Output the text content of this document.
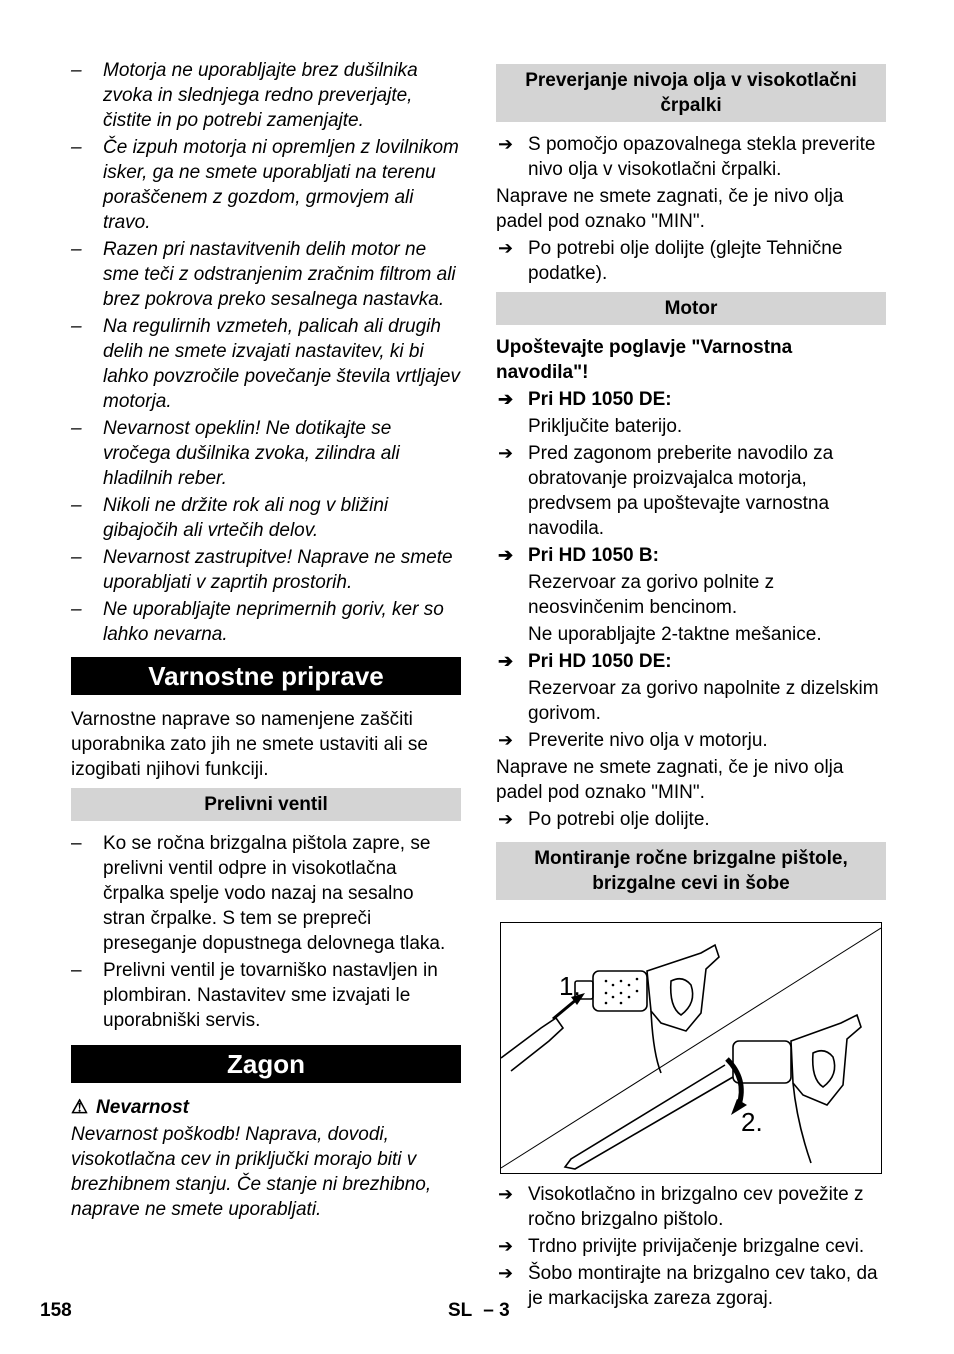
– Motorja ne uporabljajte brez dušilnika zvoka in slednjega redno preverjajte, čistite in po potrebi zamenjajte.

– Če izpuh motorja ni opremljen z lovilnikom isker, ga ne smete uporabljati na terenu poraščenem z gozdom, grmovjem ali travo.

– Razen pri nastavitvenih delih motor ne sme teči z odstranjenim zračnim filtrom ali brez pokrova preko sesalnega nastavka.

– Na regulirnih vzmeteh, palicah ali drugih delih ne smete izvajati nastavitev, ki bi lahko povzročile povečanje števila vrtljajev motorja.

– Nevarnost opeklin! Ne dotikajte se vročega dušilnika zvoka, zilindra ali hladilnih reber.

– Nikoli ne držite rok ali nog v bližini gibajočih ali vrtečih delov.

– Nevarnost zastrupitve! Naprave ne smete uporabljati v zaprtih prostorih.

– Ne uporabljajte neprimernih goriv, ker so lahko nevarna.

Varnostne priprave

Varnostne naprave so namenjene zaščiti uporabnika zato jih ne smete ustaviti ali se izogibati njihovi funkciji.

Prelivni ventil

– Ko se ročna brizgalna pištola zapre, se prelivni ventil odpre in visokotlačna črpalka spelje vodo nazaj na sesalno stran črpalke. S tem se prepreči preseganje dopustnega delovnega tlaka.

– Prelivni ventil je tovarniško nastavljen in plombiran. Nastavitev sme izvajati le uporabniški servis.

Zagon

⚠ Nevarnost

Nevarnost poškodb! Naprava, dovodi, visokotlačna cev in priključki morajo biti v brezhibnem stanju. Če stanje ni brezhibno, naprave ne smete uporabljati.

Preverjanje nivoja olja v visokotlačni črpalki

➔ S pomočjo opazovalnega stekla preverite nivo olja v visokotlačni črpalki.

Naprave ne smete zagnati, če je nivo olja padel pod oznako "MIN".

➔ Po potrebi olje dolijte (glejte Tehnične podatke).

Motor

Upoštevajte poglavje "Varnostna navodila"!

➔ Pri HD 1050 DE:

Priključite baterijo.

➔ Pred zagonom preberite navodilo za obratovanje proizvajalca motorja, predvsem pa upoštevajte varnostna navodila.

➔ Pri HD 1050 B:

Rezervoar za gorivo polnite z neosvinčenim bencinom.

Ne uporabljajte 2-taktne mešanice.

➔ Pri HD 1050 DE:

Rezervoar za gorivo napolnite z dizelskim gorivom.

➔ Preverite nivo olja v motorju.

Naprave ne smete zagnati, če je nivo olja padel pod oznako "MIN".

➔ Po potrebi olje dolijte.

Montiranje ročne brizgalne pištole, brizgalne cevi in šobe
1.
2.

➔ Visokotlačno in brizgalno cev povežite z ročno brizgalno pištolo.

➔ Trdno privijte privijačenje brizgalne cevi.

➔ Šobo montirajte na brizgalno cev tako, da je markacijska zareza zgoraj.

158	SL – 3
